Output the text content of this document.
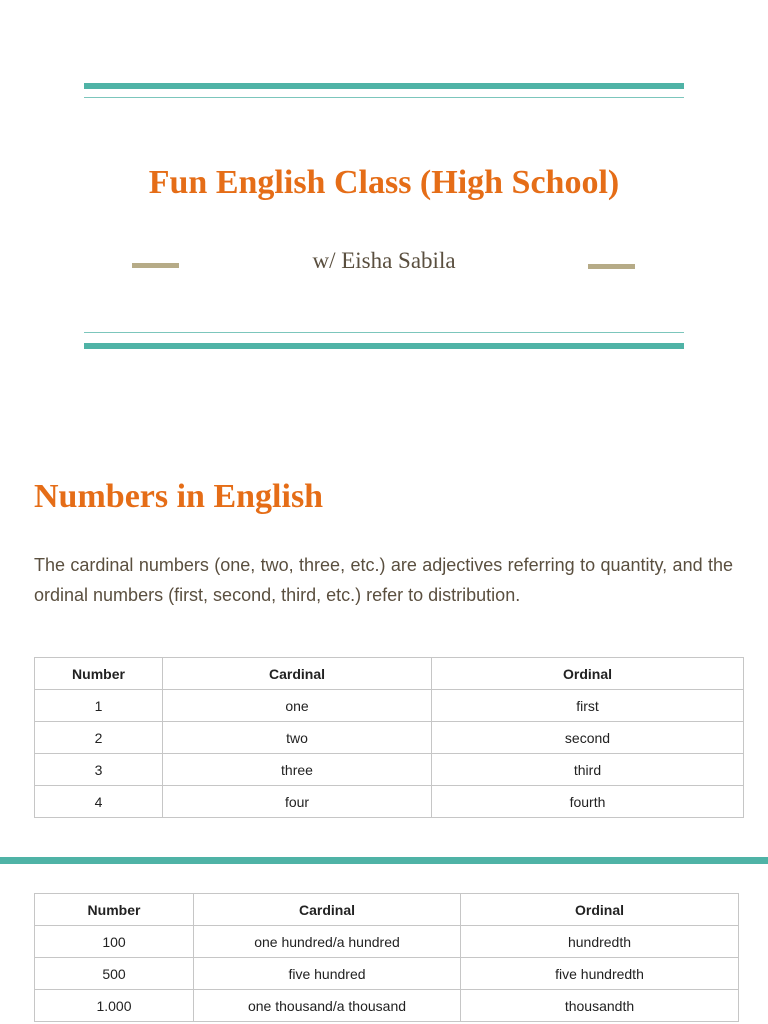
Fun English Class (High School)

w/ Eisha Sabila

Numbers in English

The cardinal numbers (one, two, three, etc.) are adjectives referring to quantity, and the ordinal numbers (first, second, third, etc.) refer to distribution.

Number	Cardinal	Ordinal
1	one	first
2	two	second
3	three	third
4	four	fourth
Number	Cardinal	Ordinal
100	one hundred/a hundred	hundredth
500	five hundred	five hundredth
1.000	one thousand/a thousand	thousandth
